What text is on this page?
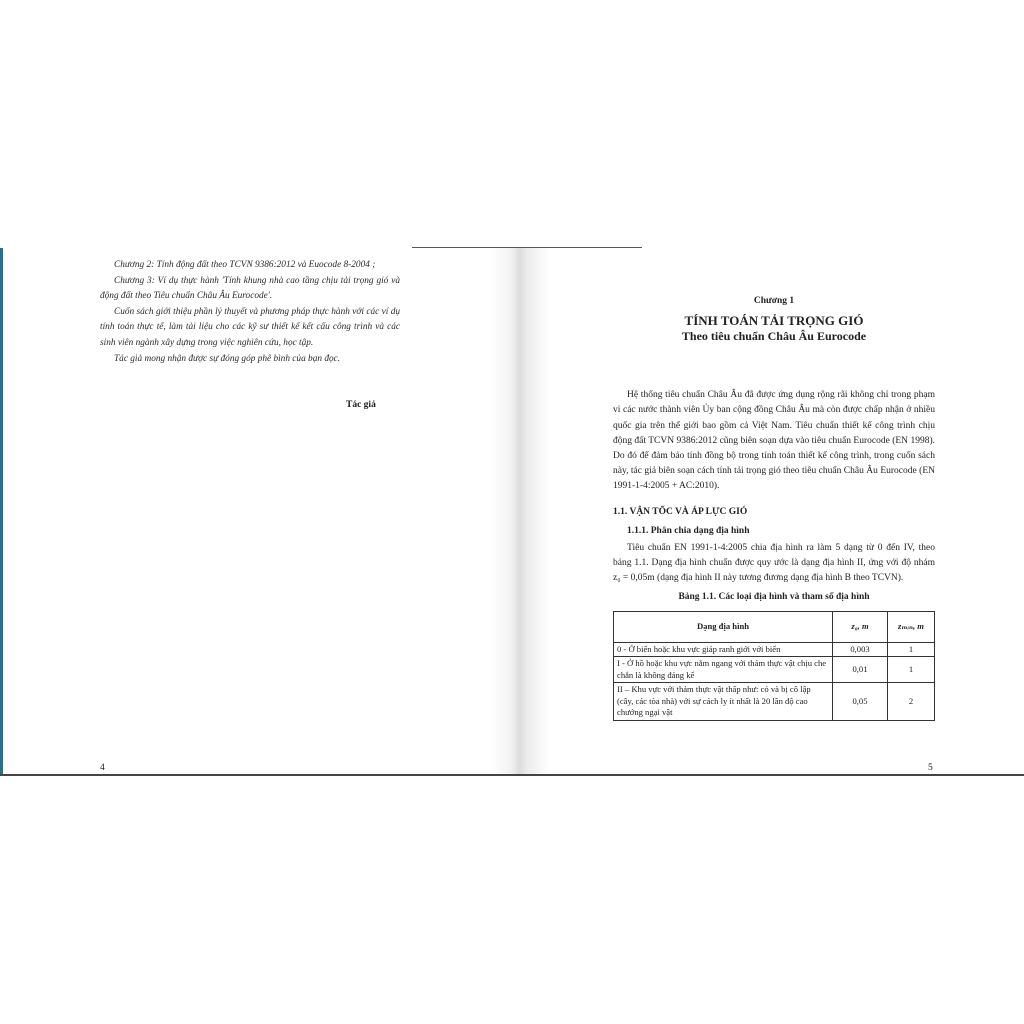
Chương 2: Tính động đất theo TCVN 9386:2012 và Euocode 8-2004 ;

Chương 3: Ví dụ thực hành 'Tính khung nhà cao tầng chịu tải trọng gió và động đất theo Tiêu chuẩn Châu Âu Eurocode'.

Cuốn sách giới thiệu phần lý thuyết và phương pháp thực hành với các ví dụ tính toán thực tế, làm tài liệu cho các kỹ sư thiết kế kết cấu công trình và các sinh viên ngành xây dựng trong việc nghiên cứu, học tập.

Tác giả mong nhận được sự đóng góp phê bình của bạn đọc.

Tác giả
4
Chương 1
TÍNH TOÁN TẢI TRỌNG GIÓ
Theo tiêu chuẩn Châu Âu Eurocode

Hệ thống tiêu chuẩn Châu Âu đã được ứng dụng rộng rãi không chỉ trong phạm vi các nước thành viên Ủy ban cộng đồng Châu Âu mà còn được chấp nhận ở nhiều quốc gia trên thế giới bao gồm cả Việt Nam. Tiêu chuẩn thiết kế công trình chịu động đất TCVN 9386:2012 cũng biên soạn dựa vào tiêu chuẩn Eurocode (EN 1998). Do đó để đảm bảo tính đồng bộ trong tính toán thiết kế công trình, trong cuốn sách này, tác giả biên soạn cách tính tải trọng gió theo tiêu chuẩn Châu Âu Eurocode (EN 1991-1-4:2005 + AC:2010).

1.1. VẬN TỐC VÀ ÁP LỰC GIÓ
1.1.1. Phân chia dạng địa hình

Tiêu chuẩn EN 1991-1-4:2005 chia địa hình ra làm 5 dạng từ 0 đến IV, theo bảng 1.1. Dạng địa hình chuẩn được quy ước là dạng địa hình II, ứng với độ nhám z₀ = 0,05m (dạng địa hình II này tương đương dạng địa hình B theo TCVN).

Bảng 1.1. Các loại địa hình và tham số địa hình
Dạng địa hình	z₀, m	zₘᵢₙ, m
0 - Ở biển hoặc khu vực giáp ranh giới với biển	0,003	1
I - Ở hồ hoặc khu vực nằm ngang với thảm thực vật chịu che chắn là không đáng kể	0,01	1
II – Khu vực với thảm thực vật thấp như: cỏ và bị cô lập (cây, các tòa nhà) với sự cách ly ít nhất là 20 lần độ cao chướng ngại vật	0,05	2
5
